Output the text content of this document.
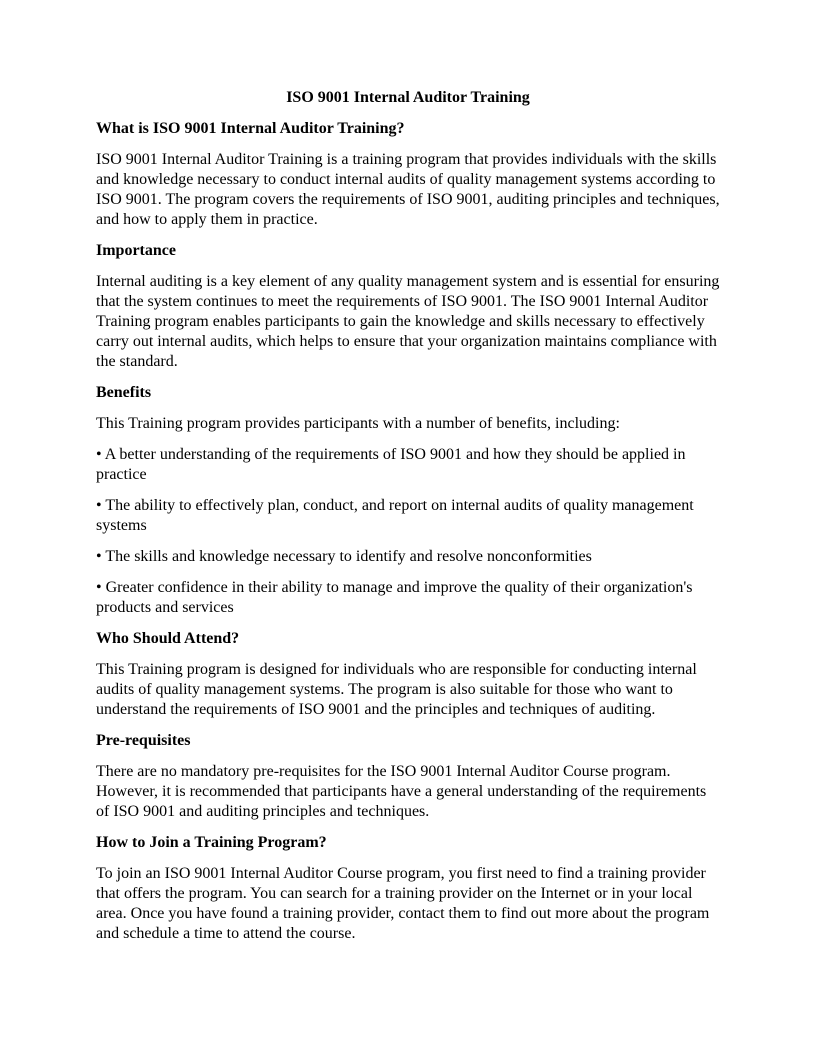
ISO 9001 Internal Auditor Training
What is ISO 9001 Internal Auditor Training?

ISO 9001 Internal Auditor Training is a training program that provides individuals with the skills and knowledge necessary to conduct internal audits of quality management systems according to ISO 9001. The program covers the requirements of ISO 9001, auditing principles and techniques, and how to apply them in practice.

Importance

Internal auditing is a key element of any quality management system and is essential for ensuring that the system continues to meet the requirements of ISO 9001. The ISO 9001 Internal Auditor Training program enables participants to gain the knowledge and skills necessary to effectively carry out internal audits, which helps to ensure that your organization maintains compliance with the standard.

Benefits

This Training program provides participants with a number of benefits, including:

• A better understanding of the requirements of ISO 9001 and how they should be applied in practice

• The ability to effectively plan, conduct, and report on internal audits of quality management systems

• The skills and knowledge necessary to identify and resolve nonconformities

• Greater confidence in their ability to manage and improve the quality of their organization's products and services

Who Should Attend?

This Training program is designed for individuals who are responsible for conducting internal audits of quality management systems. The program is also suitable for those who want to understand the requirements of ISO 9001 and the principles and techniques of auditing.

Pre-requisites

There are no mandatory pre-requisites for the ISO 9001 Internal Auditor Course program. However, it is recommended that participants have a general understanding of the requirements of ISO 9001 and auditing principles and techniques.

How to Join a Training Program?

To join an ISO 9001 Internal Auditor Course program, you first need to find a training provider that offers the program. You can search for a training provider on the Internet or in your local area. Once you have found a training provider, contact them to find out more about the program and schedule a time to attend the course.
